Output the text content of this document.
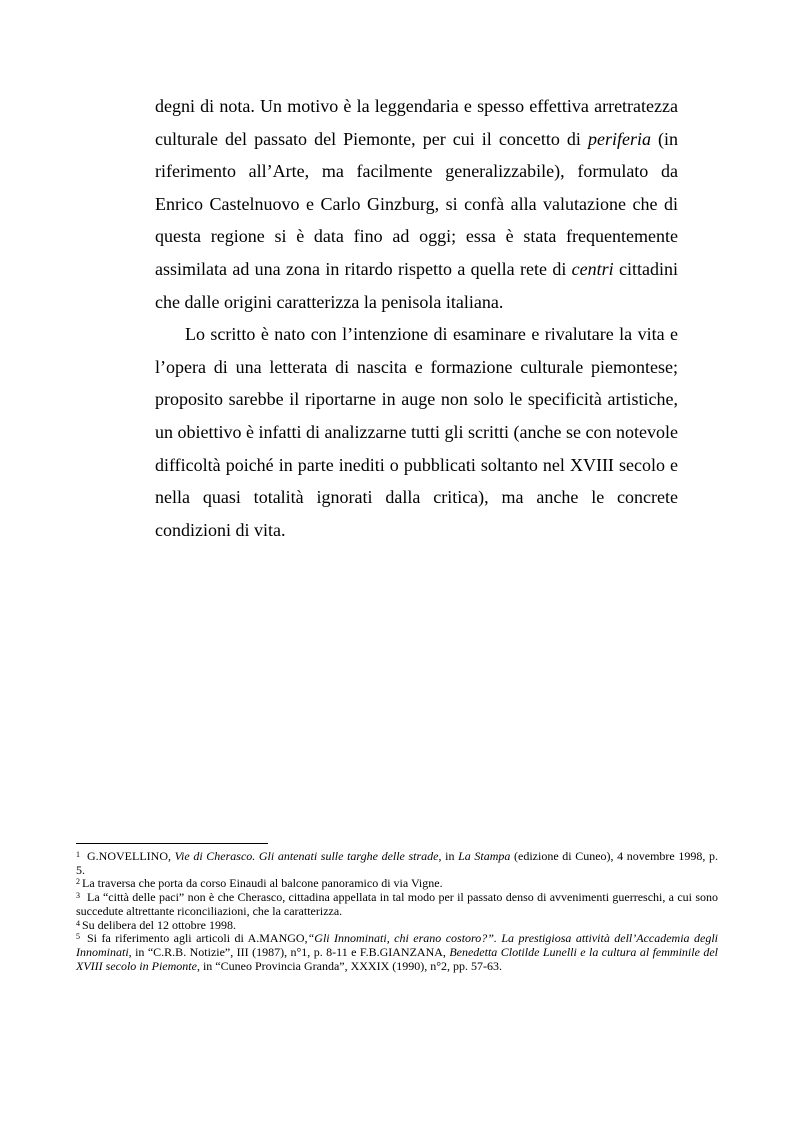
degni di nota. Un motivo è la leggendaria e spesso effettiva arretratezza culturale del passato del Piemonte, per cui il concetto di periferia (in riferimento all’Arte, ma facilmente generalizzabile), formulato da Enrico Castelnuovo e Carlo Ginzburg, si confà alla valutazione che di questa regione si è data fino ad oggi; essa è stata frequentemente assimilata ad una zona in ritardo rispetto a quella rete di centri cittadini che dalle origini caratterizza la penisola italiana.

Lo scritto è nato con l’intenzione di esaminare e rivalutare la vita e l’opera di una letterata di nascita e formazione culturale piemontese; proposito sarebbe il riportarne in auge non solo le specificità artistiche, un obiettivo è infatti di analizzarne tutti gli scritti (anche se con notevole difficoltà poiché in parte inediti o pubblicati soltanto nel XVIII secolo e nella quasi totalità ignorati dalla critica), ma anche le concrete condizioni di vita.

$^1$ G.NOVELLINO, Vie di Cherasco. Gli antenati sulle targhe delle strade, in La Stampa (edizione di Cuneo), 4 novembre 1998, p. 5.

$^2$ La traversa che porta da corso Einaudi al balcone panoramico di via Vigne.

$^3$ La “città delle paci” non è che Cherasco, cittadina appellata in tal modo per il passato denso di avvenimenti guerreschi, a cui sono succedute altrettante riconciliazioni, che la caratterizza.

$^4$ Su delibera del 12 ottobre 1998.

$^5$ Si fa riferimento agli articoli di A.MANGO,“Gli Innominati, chi erano costoro?”. La prestigiosa attività dell’Accademia degli Innominati, in “C.R.B. Notizie”, III (1987), n°1, p. 8-11 e F.B.GIANZANA, Benedetta Clotilde Lunelli e la cultura al femminile del XVIII secolo in Piemonte, in “Cuneo Provincia Granda”, XXXIX (1990), n°2, pp. 57-63.
